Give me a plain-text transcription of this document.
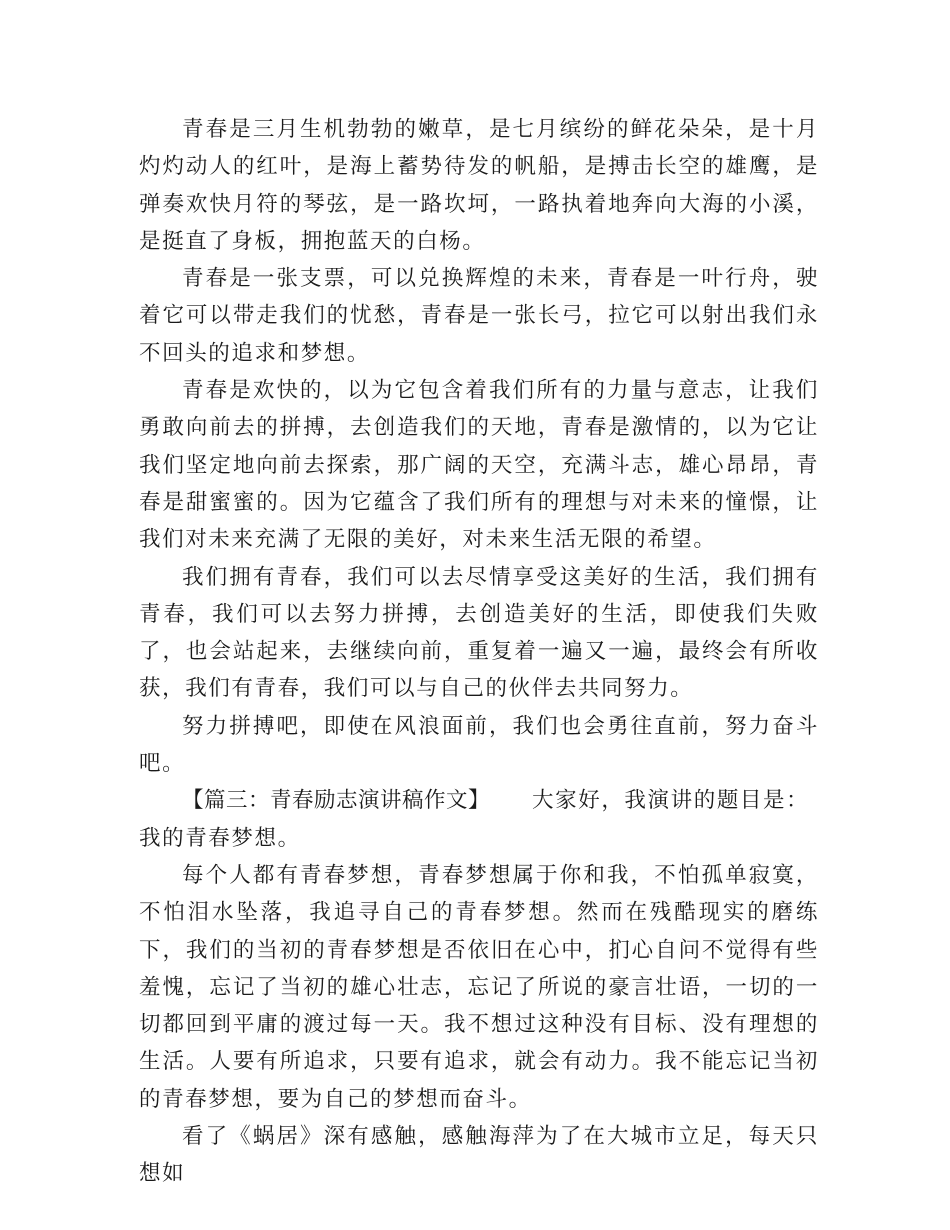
青春是三月生机勃勃的嫩草，是七月缤纷的鲜花朵朵，是十月灼灼动人的红叶，是海上蓄势待发的帆船，是搏击长空的雄鹰，是弹奏欢快月符的琴弦，是一路坎坷，一路执着地奔向大海的小溪，是挺直了身板，拥抱蓝天的白杨。

青春是一张支票，可以兑换辉煌的未来，青春是一叶行舟，驶着它可以带走我们的忧愁，青春是一张长弓，拉它可以射出我们永不回头的追求和梦想。

青春是欢快的，以为它包含着我们所有的力量与意志，让我们勇敢向前去的拼搏，去创造我们的天地，青春是激情的，以为它让我们坚定地向前去探索，那广阔的天空，充满斗志，雄心昂昂，青春是甜蜜蜜的。因为它蕴含了我们所有的理想与对未来的憧憬，让我们对未来充满了无限的美好，对未来生活无限的希望。

我们拥有青春，我们可以去尽情享受这美好的生活，我们拥有青春，我们可以去努力拼搏，去创造美好的生活，即使我们失败了，也会站起来，去继续向前，重复着一遍又一遍，最终会有所收获，我们有青春，我们可以与自己的伙伴去共同努力。

努力拼搏吧，即使在风浪面前，我们也会勇往直前，努力奋斗吧。

【篇三：青春励志演讲稿作文】 大家好，我演讲的题目是：我的青春梦想。

每个人都有青春梦想，青春梦想属于你和我，不怕孤单寂寞，不怕泪水坠落，我追寻自己的青春梦想。然而在残酷现实的磨练下，我们的当初的青春梦想是否依旧在心中，扪心自问不觉得有些羞愧，忘记了当初的雄心壮志，忘记了所说的豪言壮语，一切的一切都回到平庸的渡过每一天。我不想过这种没有目标、没有理想的生活。人要有所追求，只要有追求，就会有动力。我不能忘记当初的青春梦想，要为自己的梦想而奋斗。

看了《蜗居》深有感触，感触海萍为了在大城市立足，每天只想如
